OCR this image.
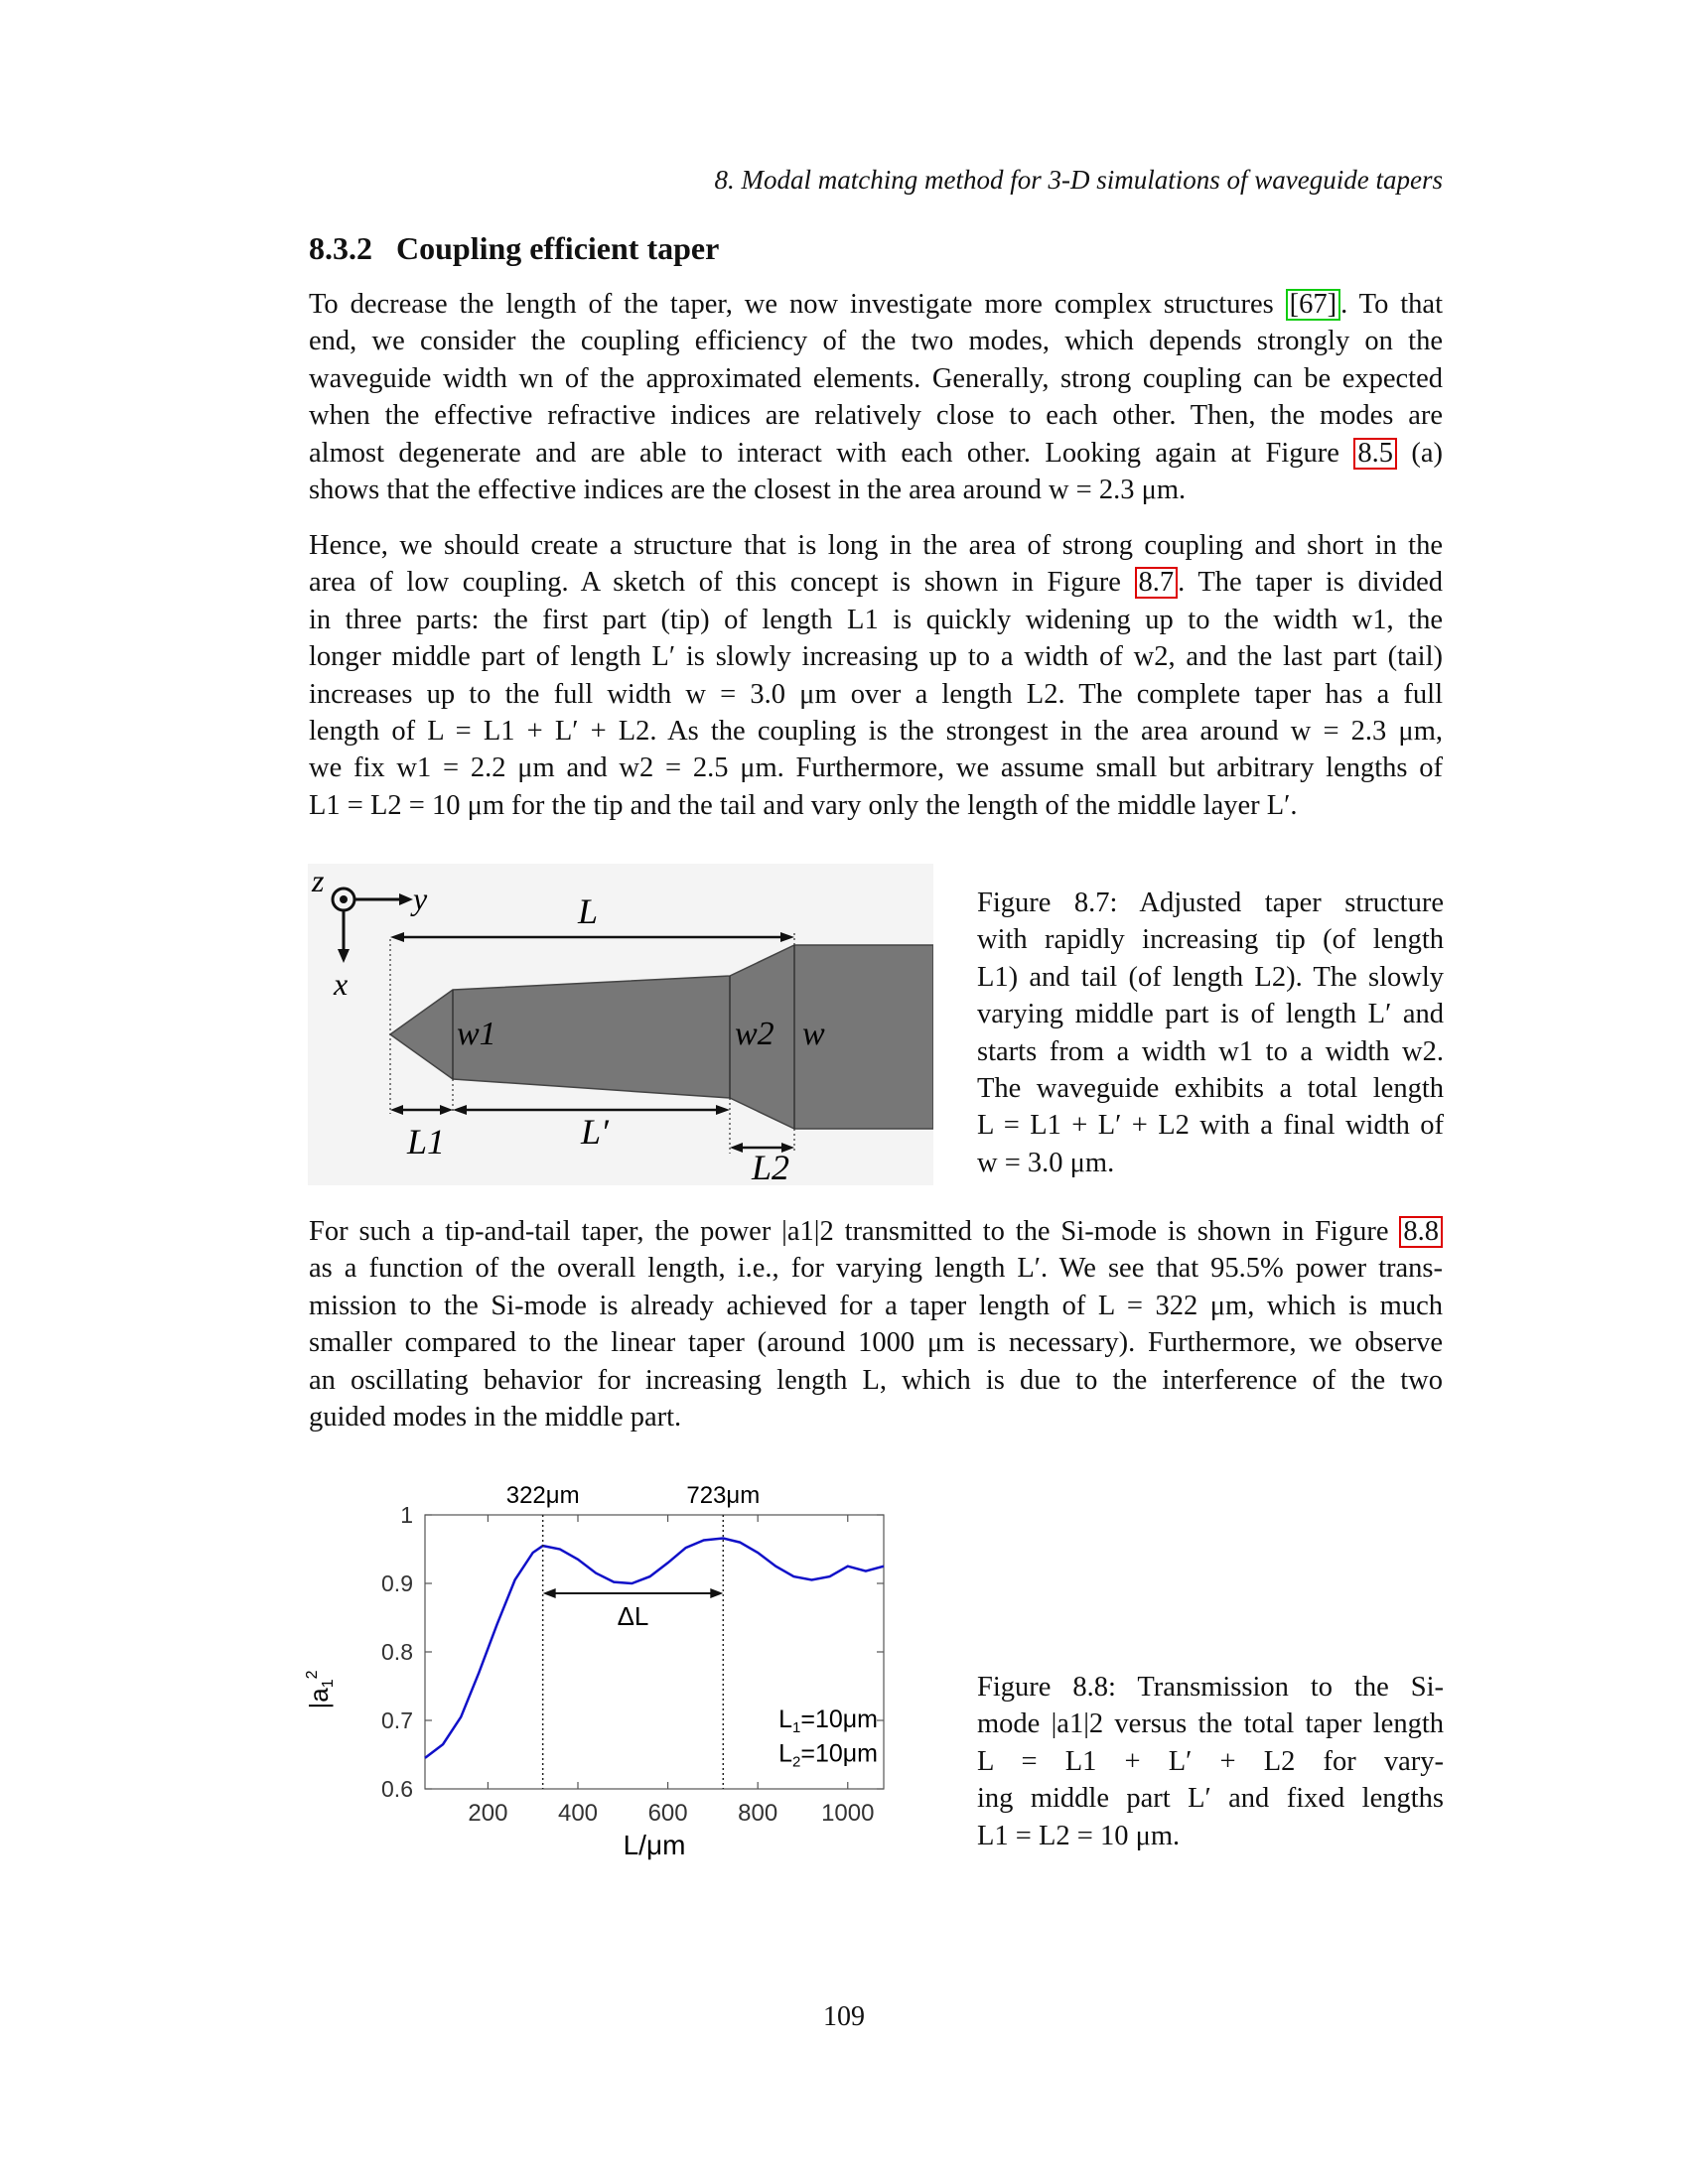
8. Modal matching method for 3-D simulations of waveguide tapers
8.3.2 Coupling efficient taper
To decrease the length of the taper, we now investigate more complex structures [67] . To that
end, we consider the coupling efficiency of the two modes, which depends strongly on the
waveguide width wn of the approximated elements. Generally, strong coupling can be expected
when the effective refractive indices are relatively close to each other. Then, the modes are
almost degenerate and are able to interact with each other. Looking again at Figure 8.5 (a)
shows that the effective indices are the closest in the area around w = 2.3 μm.
Hence, we should create a structure that is long in the area of strong coupling and short in the
area of low coupling. A sketch of this concept is shown in Figure 8.7 . The taper is divided
in three parts: the first part (tip) of length L1 is quickly widening up to the width w1, the
longer middle part of length L′ is slowly increasing up to a width of w2, and the last part (tail)
increases up to the full width w = 3.0 μm over a length L2. The complete taper has a full
length of L = L1 + L′ + L2. As the coupling is the strongest in the area around w = 2.3 μm,
we fix w1 = 2.2 μm and w2 = 2.5 μm. Furthermore, we assume small but arbitrary lengths of
L1 = L2 = 10 μm for the tip and the tail and vary only the length of the middle layer L′.
z	y
x
L
L1	L′
L2
w1	w2 w
Figure 8.7: Adjusted taper structure
with rapidly increasing tip (of length
L1) and tail (of length L2). The slowly
varying middle part is of length L′ and
starts from a width w1 to a width w2.
The waveguide exhibits a total length
L = L1 + L′ + L2 with a final width of
w = 3.0 μm.
For such a tip-and-tail taper, the power |a1|2 transmitted to the Si-mode is shown in Figure 8.8
as a function of the overall length, i.e., for varying length L′. We see that 95.5% power trans-
mission to the Si-mode is already achieved for a taper length of L = 322 μm, which is much
smaller compared to the linear taper (around 1000 μm is necessary). Furthermore, we observe
an oscillating behavior for increasing length L, which is due to the interference of the two
guided modes in the middle part.
200 400 600 800 1000
0.6
0.7
0.8
0.9
1
322μm	723μm
ΔL
$L_1=10\mu m$
$L_2=10\mu m$
L/μm
$|a1^2$	Figure 8.8: Transmission to the Si-
mode |a1|2 versus the total taper length
L = L1 + L′ + L2 for vary-
ing middle part L′ and fixed lengths
L1 = L2 = 10 μm.
109
